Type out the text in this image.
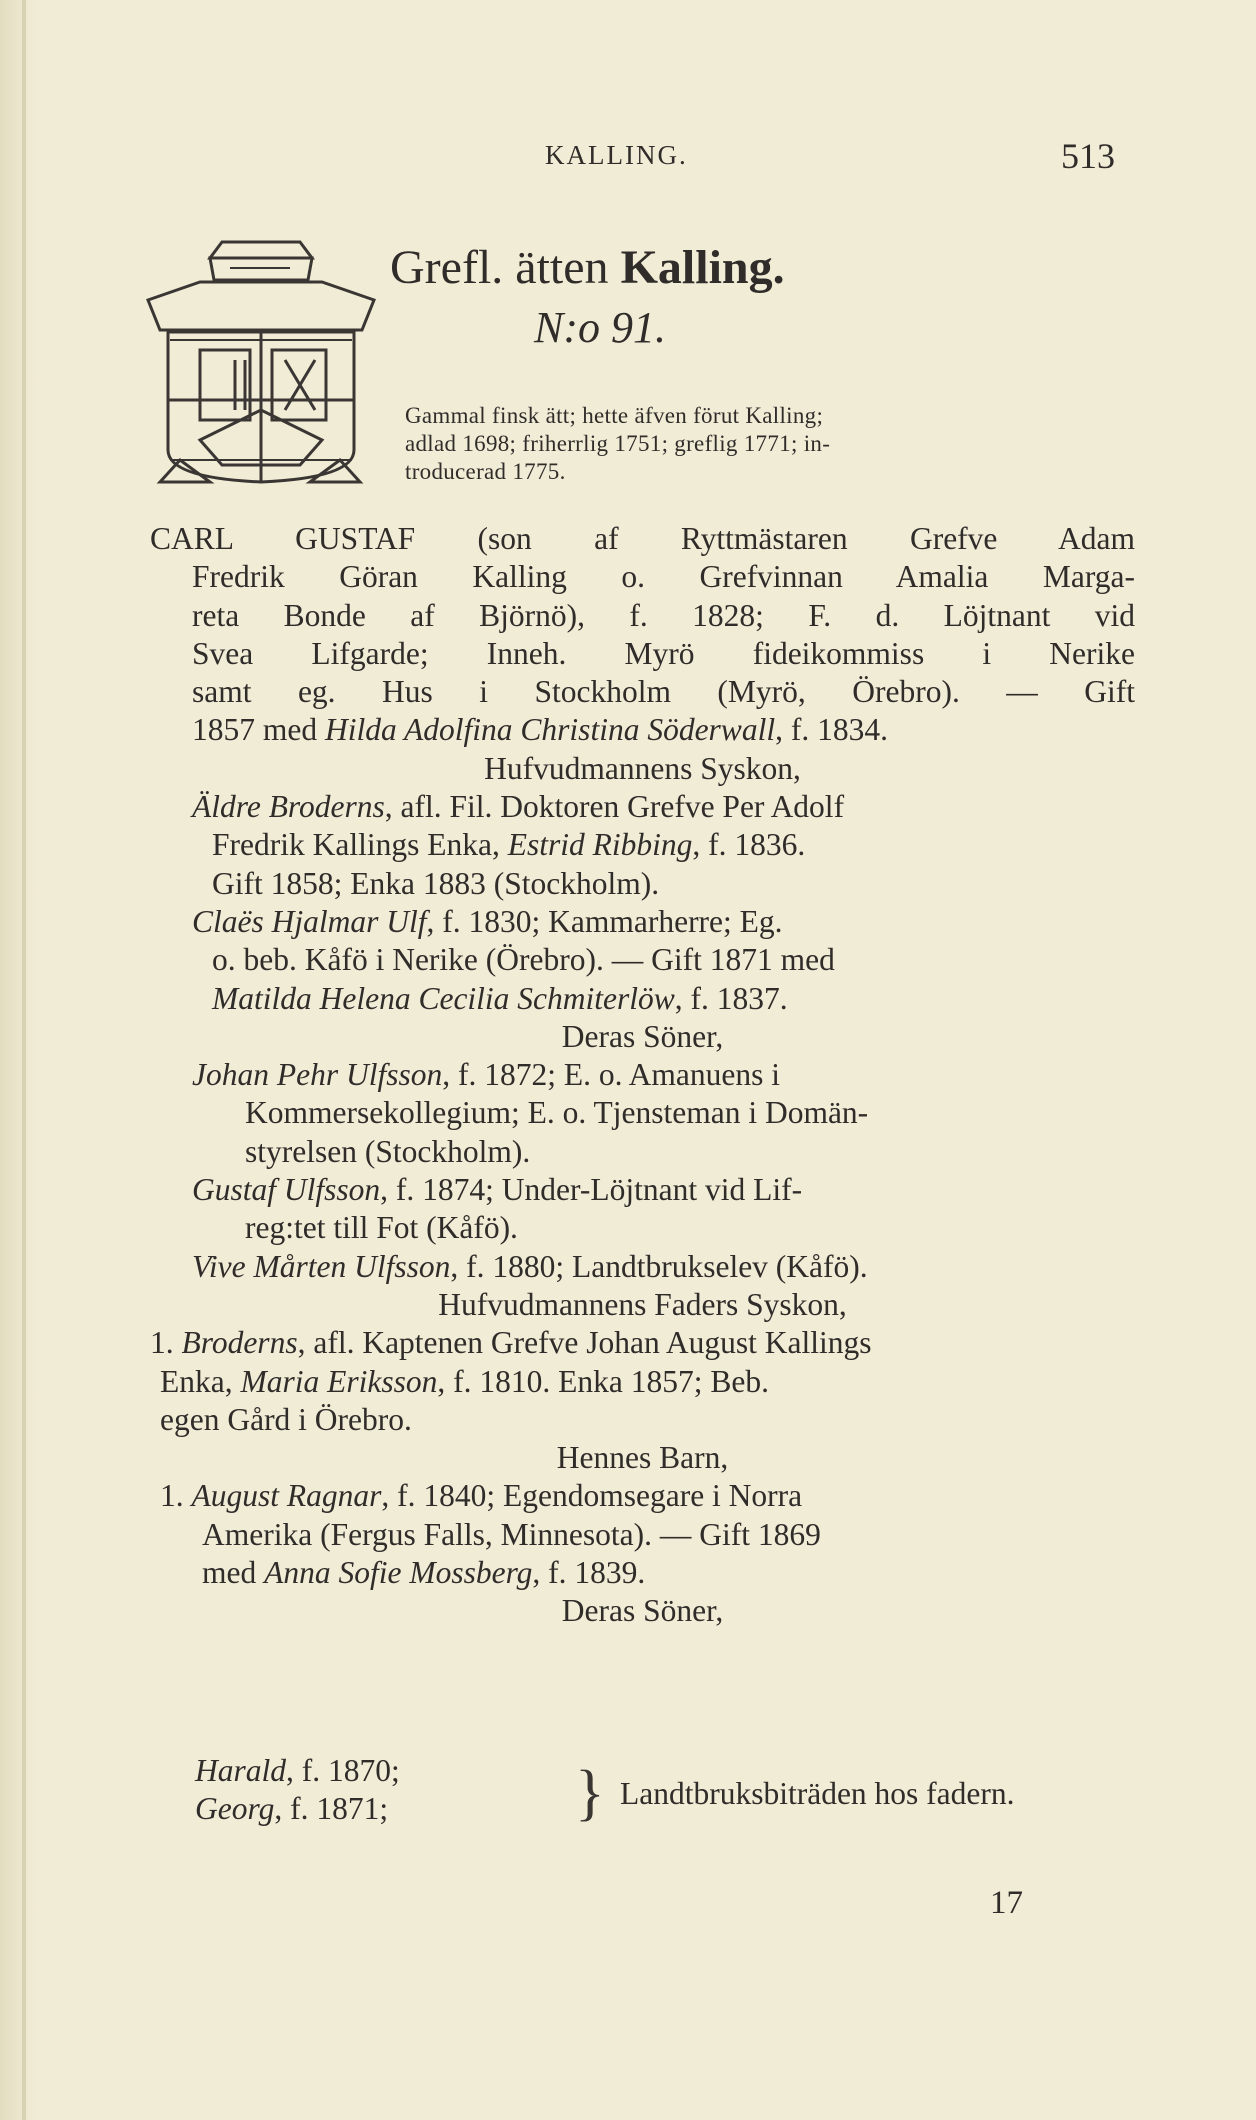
KALLING.	513
Grefl. ätten Kalling.
N:o 91.
Gammal finsk ätt; hette äfven förut Kalling;
adlad 1698; friherrlig 1751; greflig 1771; in-
troducerad 1775.
CARL GUSTAF (son af Ryttmästaren Grefve Adam
Fredrik Göran Kalling o. Grefvinnan Amalia Marga-
reta Bonde af Björnö), f. 1828; F. d. Löjtnant vid
Svea Lifgarde; Inneh. Myrö fideikommiss i Nerike
samt eg. Hus i Stockholm (Myrö, Örebro). — Gift
1857 med Hilda Adolfina Christina Söderwall, f. 1834.
Hufvudmannens Syskon,
Äldre Broderns, afl. Fil. Doktoren Grefve Per Adolf
Fredrik Kallings Enka, Estrid Ribbing, f. 1836.
Gift 1858; Enka 1883 (Stockholm).
Claës Hjalmar Ulf, f. 1830; Kammarherre; Eg.
o. beb. Kåfö i Nerike (Örebro). — Gift 1871 med
Matilda Helena Cecilia Schmiterlöw, f. 1837.
Deras Söner,
Johan Pehr Ulfsson, f. 1872; E. o. Amanuens i
Kommersekollegium; E. o. Tjensteman i Domän-
styrelsen (Stockholm).
Gustaf Ulfsson, f. 1874; Under-Löjtnant vid Lif-
reg:tet till Fot (Kåfö).
Vive Mårten Ulfsson, f. 1880; Landtbrukselev (Kåfö).
Hufvudmannens Faders Syskon,
1. Broderns, afl. Kaptenen Grefve Johan August Kallings
Enka, Maria Eriksson, f. 1810. Enka 1857; Beb.
egen Gård i Örebro.
Hennes Barn,
1. August Ragnar, f. 1840; Egendomsegare i Norra
Amerika (Fergus Falls, Minnesota). — Gift 1869
med Anna Sofie Mossberg, f. 1839.
Deras Söner,
Harald, f. 1870;
Georg, f. 1871;	} Landtbruksbiträden hos fadern.
17
